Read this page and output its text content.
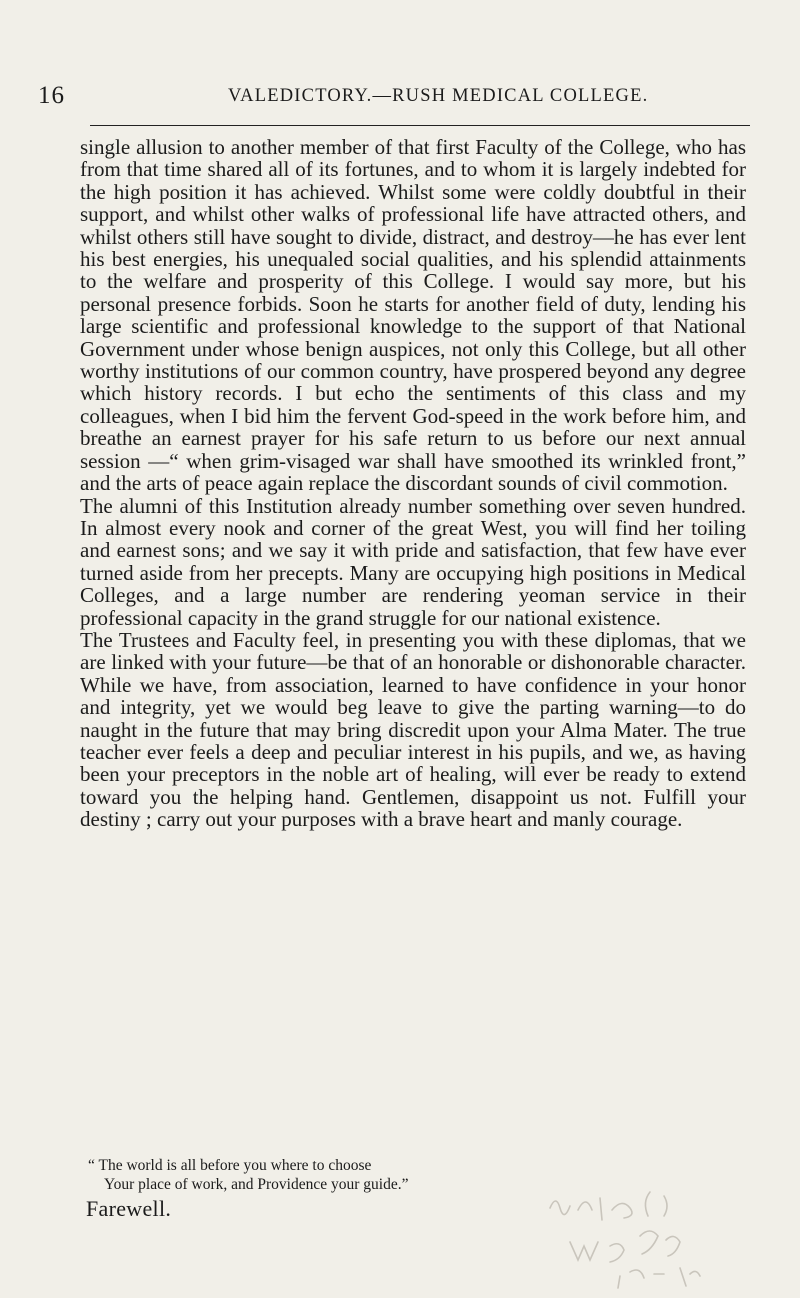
16	VALEDICTORY.—RUSH MEDICAL COLLEGE.

single allusion to another member of that first Faculty of the College, who has from that time shared all of its fortunes, and to whom it is largely indebted for the high position it has achieved. Whilst some were coldly doubtful in their support, and whilst other walks of professional life have attracted others, and whilst others still have sought to divide, distract, and destroy—he has ever lent his best energies, his unequaled social qualities, and his splendid attainments to the welfare and prosperity of this College. I would say more, but his personal presence forbids. Soon he starts for another field of duty, lending his large scientific and professional knowledge to the support of that National Government under whose benign auspices, not only this College, but all other worthy institutions of our common country, have prospered beyond any degree which history records. I but echo the sentiments of this class and my colleagues, when I bid him the fervent God-speed in the work before him, and breathe an earnest prayer for his safe return to us before our next annual session —“ when grim-visaged war shall have smoothed its wrinkled front,” and the arts of peace again replace the discordant sounds of civil commotion.

The alumni of this Institution already number something over seven hundred. In almost every nook and corner of the great West, you will find her toiling and earnest sons; and we say it with pride and satisfaction, that few have ever turned aside from her precepts. Many are occupying high positions in Medical Colleges, and a large number are rendering yeoman service in their professional capacity in the grand struggle for our national existence.

The Trustees and Faculty feel, in presenting you with these diplomas, that we are linked with your future—be that of an honorable or dishonorable character. While we have, from association, learned to have confidence in your honor and integrity, yet we would beg leave to give the parting warning—to do naught in the future that may bring discredit upon your Alma Mater. The true teacher ever feels a deep and peculiar interest in his pupils, and we, as having been your preceptors in the noble art of healing, will ever be ready to extend toward you the helping hand. Gentlemen, disappoint us not. Fulfill your destiny ; carry out your purposes with a brave heart and manly courage.

“ The world is all before you where to choose
Your place of work, and Providence your guide.”
Farewell.
